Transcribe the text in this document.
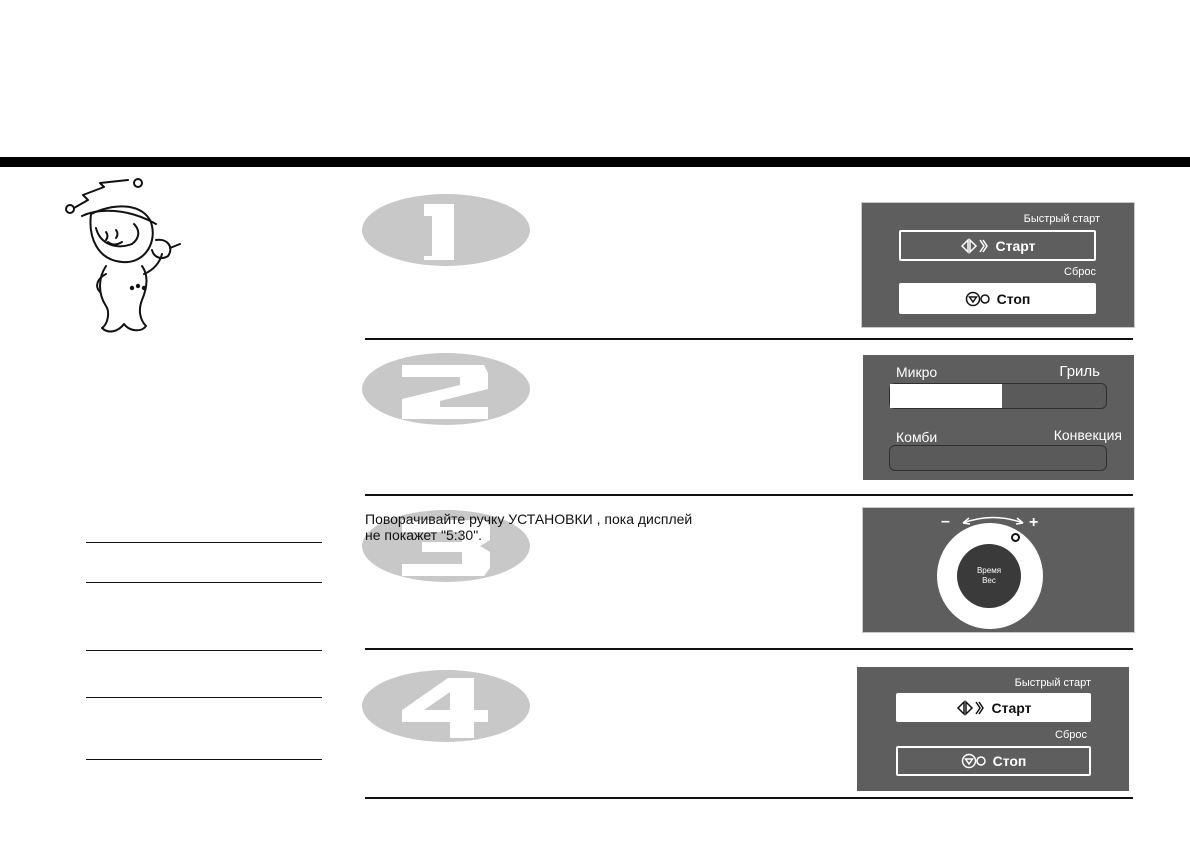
1
2
3
4
Поворачивайте ручку УСТАНОВКИ , пока дисплей
не покажет "5:30".
Быстрый старт
Старт
Сброс
Стоп
Микро	Гриль
Комби	Конвекция
–	+
Время
Вес
Быстрый старт
Старт
Сброс
Стоп
